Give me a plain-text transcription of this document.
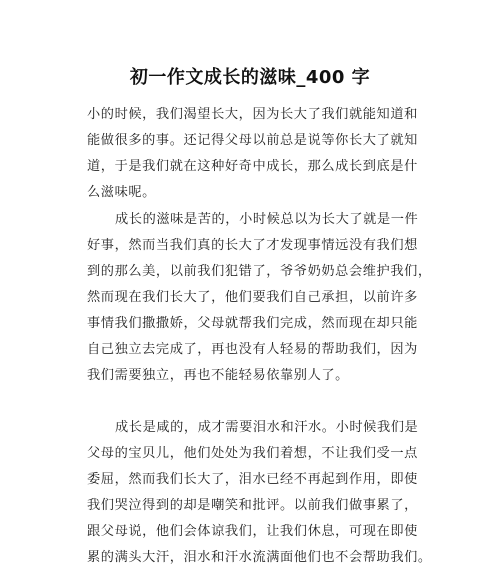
初一作文成长的滋味_400 字
小的时候，我们渴望长大，因为长大了我们就能知道和
能做很多的事。还记得父母以前总是说等你长大了就知
道，于是我们就在这种好奇中成长，那么成长到底是什
么滋味呢。
成长的滋味是苦的，小时候总以为长大了就是一件
好事，然而当我们真的长大了才发现事情远没有我们想
到的那么美，以前我们犯错了，爷爷奶奶总会维护我们，
然而现在我们长大了，他们要我们自己承担，以前许多
事情我们撒撒娇，父母就帮我们完成，然而现在却只能
自己独立去完成了，再也没有人轻易的帮助我们，因为
我们需要独立，再也不能轻易依靠别人了。
成长是咸的，成才需要泪水和汗水。小时候我们是
父母的宝贝儿，他们处处为我们着想，不让我们受一点
委屈，然而我们长大了，泪水已经不再起到作用，即使
我们哭泣得到的却是嘲笑和批评。以前我们做事累了，
跟父母说，他们会体谅我们，让我们休息，可现在即使
累的满头大汗，泪水和汗水流满面他们也不会帮助我们。
